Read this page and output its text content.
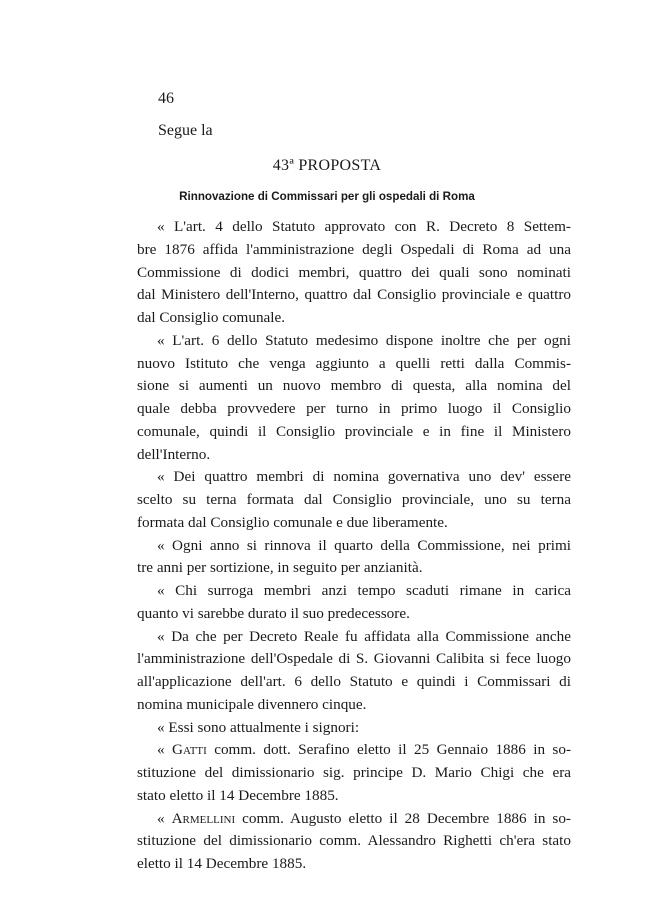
46
Segue la
43ª PROPOSTA
Rinnovazione di Commissari per gli ospedali di Roma
« L'art. 4 dello Statuto approvato con R. Decreto 8 Settem-
bre 1876 affida l'amministrazione degli Ospedali di Roma ad una
Commissione di dodici membri, quattro dei quali sono nominati
dal Ministero dell'Interno, quattro dal Consiglio provinciale e quattro
dal Consiglio comunale.
« L'art. 6 dello Statuto medesimo dispone inoltre che per ogni
nuovo Istituto che venga aggiunto a quelli retti dalla Commis-
sione si aumenti un nuovo membro di questa, alla nomina del
quale debba provvedere per turno in primo luogo il Consiglio
comunale, quindi il Consiglio provinciale e in fine il Ministero
dell'Interno.
« Dei quattro membri di nomina governativa uno dev' essere
scelto su terna formata dal Consiglio provinciale, uno su terna
formata dal Consiglio comunale e due liberamente.
« Ogni anno si rinnova il quarto della Commissione, nei primi
tre anni per sortizione, in seguito per anzianità.
« Chi surroga membri anzi tempo scaduti rimane in carica
quanto vi sarebbe durato il suo predecessore.
« Da che per Decreto Reale fu affidata alla Commissione anche
l'amministrazione dell'Ospedale di S. Giovanni Calibita si fece luogo
all'applicazione dell'art. 6 dello Statuto e quindi i Commissari di
nomina municipale divennero cinque.
« Essi sono attualmente i signori:
« Gatti comm. dott. Serafino eletto il 25 Gennaio 1886 in so-
stituzione del dimissionario sig. principe D. Mario Chigi che era
stato eletto il 14 Decembre 1885.
« Armellini comm. Augusto eletto il 28 Decembre 1886 in so-
stituzione del dimissionario comm. Alessandro Righetti ch'era stato
eletto il 14 Decembre 1885.
